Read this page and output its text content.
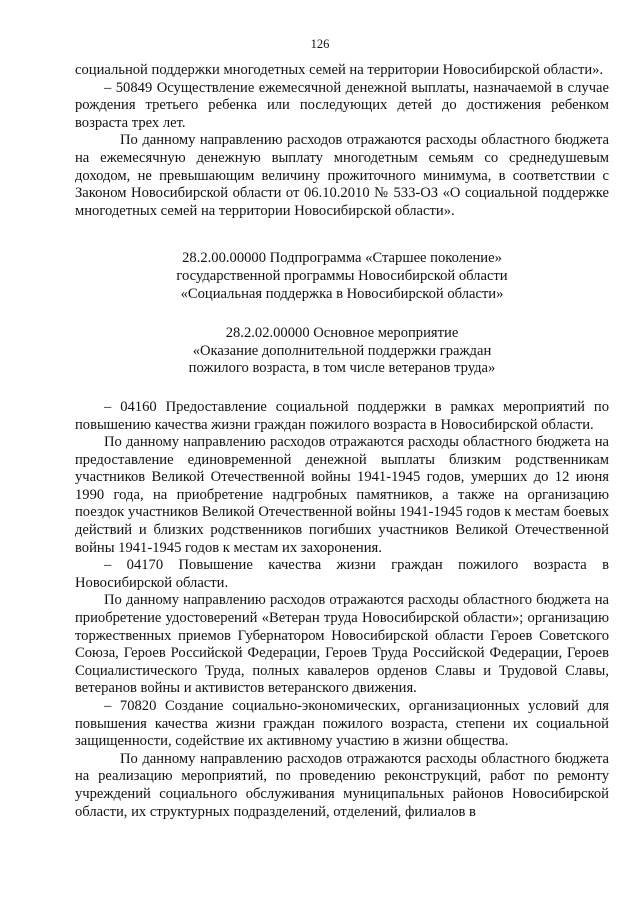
126

социальной поддержки многодетных семей на территории Новосибирской области».

– 50849 Осуществление ежемесячной денежной выплаты, назначаемой в случае рождения третьего ребенка или последующих детей до достижения ребенком возраста трех лет.

По данному направлению расходов отражаются расходы областного бюджета на ежемесячную денежную выплату многодетным семьям со среднедушевым доходом, не превышающим величину прожиточного минимума, в соответствии с Законом Новосибирской области от 06.10.2010 № 533-ОЗ «О социальной поддержке многодетных семей на территории Новосибирской области».

28.2.00.00000 Подпрограмма «Старшее поколение»

государственной программы Новосибирской области

«Социальная поддержка в Новосибирской области»

28.2.02.00000 Основное мероприятие

«Оказание дополнительной поддержки граждан

пожилого возраста, в том числе ветеранов труда»

– 04160 Предоставление социальной поддержки в рамках мероприятий по повышению качества жизни граждан пожилого возраста в Новосибирской области.

По данному направлению расходов отражаются расходы областного бюджета на предоставление единовременной денежной выплаты близким родственникам участников Великой Отечественной войны 1941-1945 годов, умерших до 12 июня 1990 года, на приобретение надгробных памятников, а также на организацию поездок участников Великой Отечественной войны 1941-1945 годов к местам боевых действий и близких родственников погибших участников Великой Отечественной войны 1941-1945 годов к местам их захоронения.

– 04170 Повышение качества жизни граждан пожилого возраста в Новосибирской области.

По данному направлению расходов отражаются расходы областного бюджета на приобретение удостоверений «Ветеран труда Новосибирской области»; организацию торжественных приемов Губернатором Новосибирской области Героев Советского Союза, Героев Российской Федерации, Героев Труда Российской Федерации, Героев Социалистического Труда, полных кавалеров орденов Славы и Трудовой Славы, ветеранов войны и активистов ветеранского движения.

– 70820 Создание социально-экономических, организационных условий для повышения качества жизни граждан пожилого возраста, степени их социальной защищенности, содействие их активному участию в жизни общества.

По данному направлению расходов отражаются расходы областного бюджета на реализацию мероприятий, по проведению реконструкций, работ по ремонту учреждений социального обслуживания муниципальных районов Новосибирской области, их структурных подразделений, отделений, филиалов в
